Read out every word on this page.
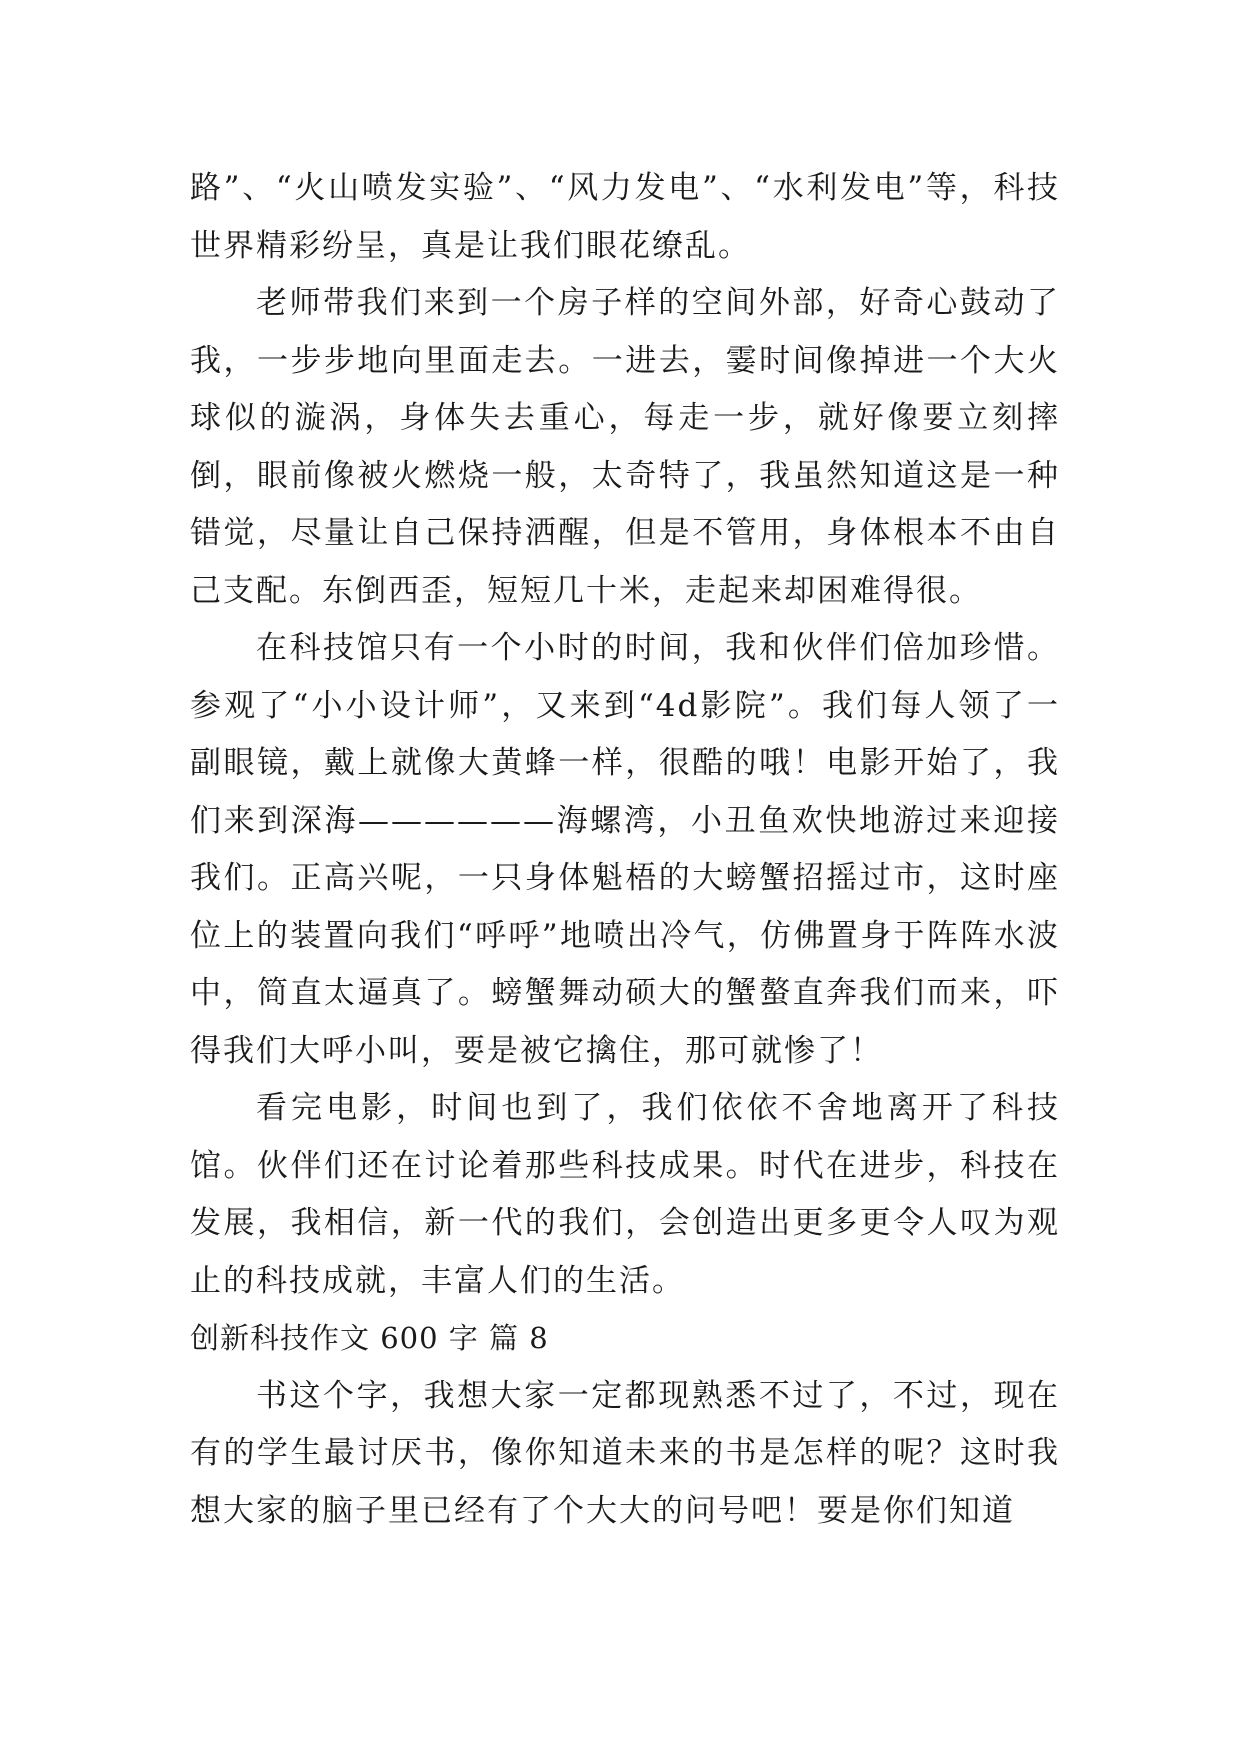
路”、“火山喷发实验”、“风力发电”、“水利发电”等，科技世界精彩纷呈，真是让我们眼花缭乱。

老师带我们来到一个房子样的空间外部，好奇心鼓动了我，一步步地向里面走去。一进去，霎时间像掉进一个大火球似的漩涡，身体失去重心，每走一步，就好像要立刻摔倒，眼前像被火燃烧一般，太奇特了，我虽然知道这是一种错觉，尽量让自己保持洒醒，但是不管用，身体根本不由自己支配。东倒西歪，短短几十米，走起来却困难得很。

在科技馆只有一个小时的时间，我和伙伴们倍加珍惜。参观了“小小设计师”，又来到“4d影院”。我们每人领了一副眼镜，戴上就像大黄蜂一样，很酷的哦！电影开始了，我们来到深海——————海螺湾，小丑鱼欢快地游过来迎接我们。正高兴呢，一只身体魁梧的大螃蟹招摇过市，这时座位上的装置向我们“呼呼”地喷出冷气，仿佛置身于阵阵水波中，简直太逼真了。螃蟹舞动硕大的蟹螯直奔我们而来，吓得我们大呼小叫，要是被它擒住，那可就惨了！

看完电影，时间也到了，我们依依不舍地离开了科技馆。伙伴们还在讨论着那些科技成果。时代在进步，科技在发展，我相信，新一代的我们，会创造出更多更令人叹为观止的科技成就，丰富人们的生活。

创新科技作文 600 字 篇 8

书这个字，我想大家一定都现熟悉不过了，不过，现在有的学生最讨厌书，像你知道未来的书是怎样的呢？这时我想大家的脑子里已经有了个大大的问号吧！要是你们知道
